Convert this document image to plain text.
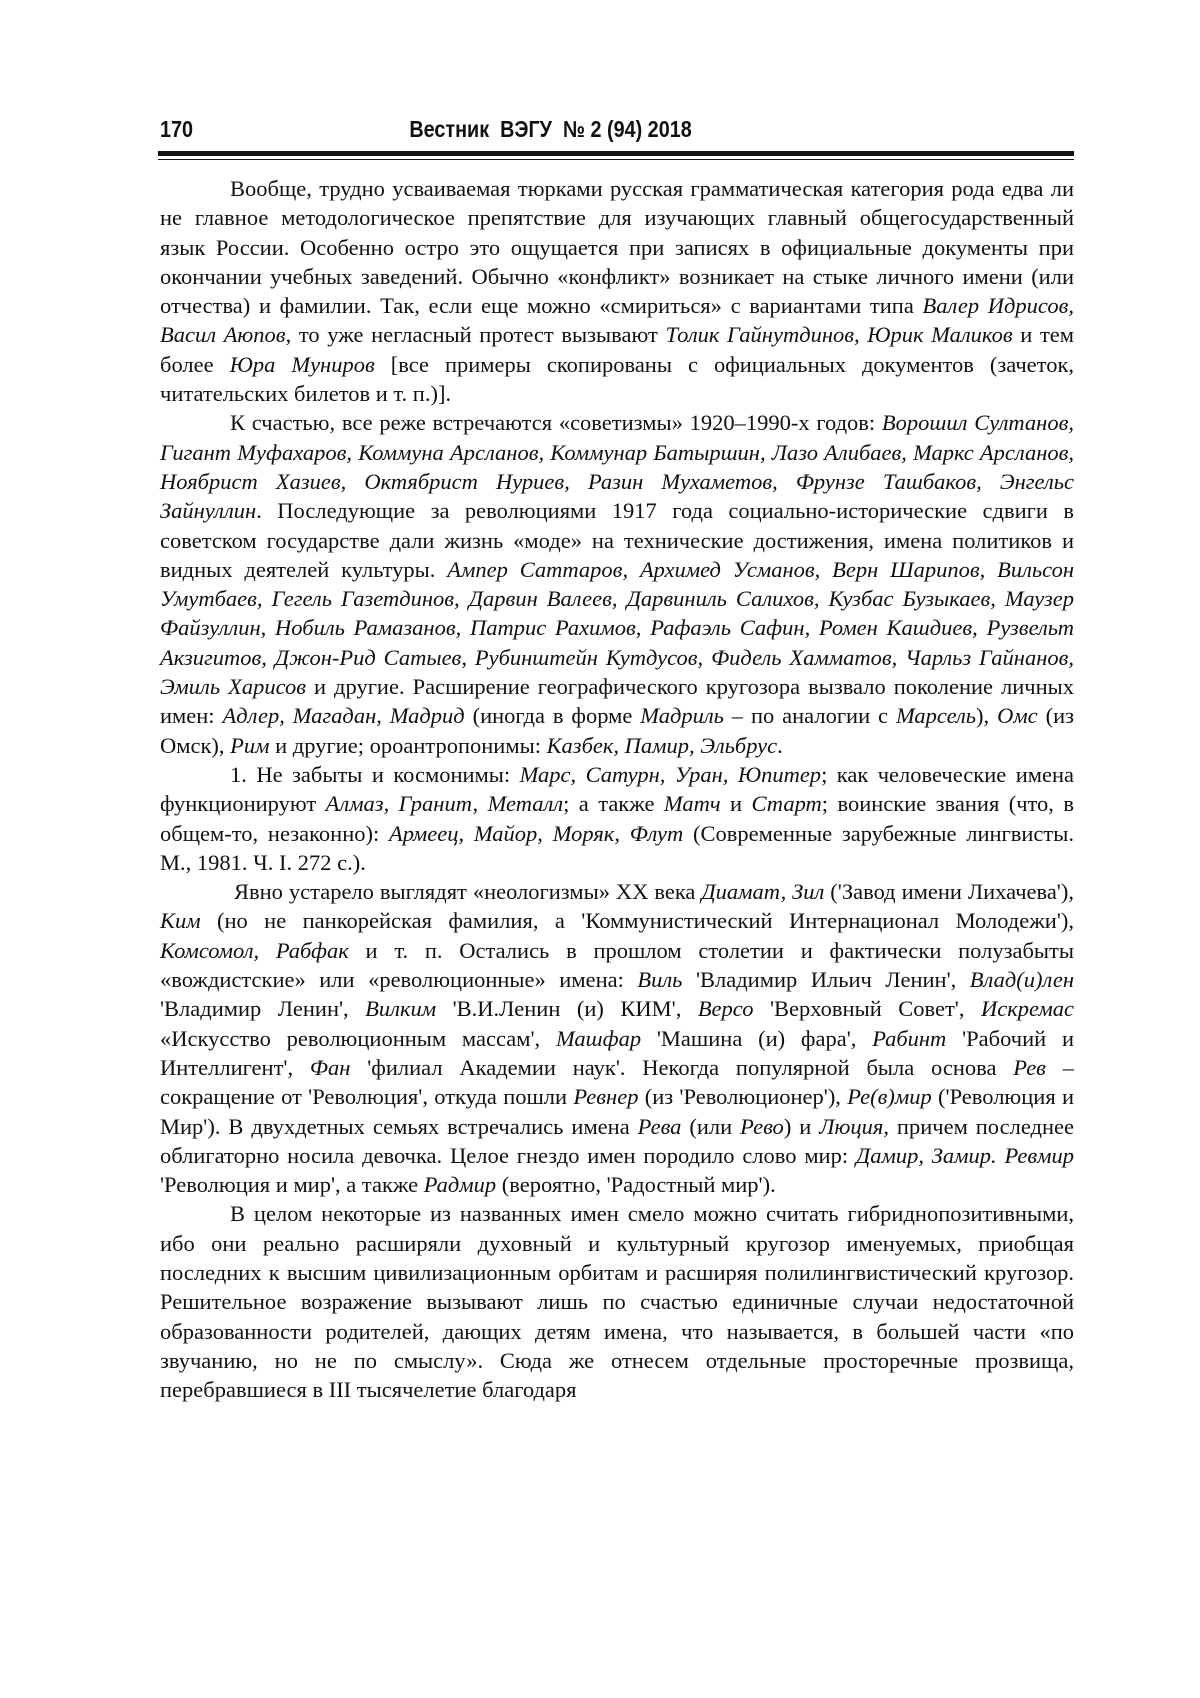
170	Вестник  ВЭГУ  № 2 (94) 2018

Вообще, трудно усваиваемая тюрками русская грамматическая категория рода едва ли не главное методологическое препятствие для изучающих главный общегосударственный язык России. Особенно остро это ощущается при записях в официальные документы при окончании учебных заведений. Обычно «конфликт» возникает на стыке личного имени (или отчества) и фамилии. Так, если еще можно «смириться» с вариантами типа Валер Идрисов, Васил Аюпов, то уже негласный протест вызывают Толик Гайнутдинов, Юрик Маликов и тем более Юра Муниров [все примеры скопированы с официальных документов (зачеток, читательских билетов и т. п.)].

К счастью, все реже встречаются «советизмы» 1920–1990-х годов: Ворошил Султанов, Гигант Муфахаров, Коммуна Арсланов, Коммунар Батыршин, Лазо Алибаев, Маркс Арсланов, Ноябрист Хазиев, Октябрист Нуриев, Разин Мухаметов, Фрунзе Ташбаков, Энгельс Зайнуллин. Последующие за революциями 1917 года социально-исторические сдвиги в советском государстве дали жизнь «моде» на технические достижения, имена политиков и видных деятелей культуры. Ампер Саттаров, Архимед Усманов, Верн Шарипов, Вильсон Умутбаев, Гегель Газетдинов, Дарвин Валеев, Дарвиниль Салихов, Кузбас Бузыкаев, Маузер Файзуллин, Нобиль Рамазанов, Патрис Рахимов, Рафаэль Сафин, Ромен Кашдиев, Рузвельт Акзигитов, Джон-Рид Сатыев, Рубинштейн Кутдусов, Фидель Хамматов, Чарльз Гайнанов, Эмиль Харисов и другие. Расширение географического кругозора вызвало поколение личных имен: Адлер, Магадан, Мадрид (иногда в форме Мадриль – по аналогии с Марсель), Омс (из Омск), Рим и другие; ороантропонимы: Казбек, Памир, Эльбрус.

1. Не забыты и космонимы: Марс, Сатурн, Уран, Юпитер; как человеческие имена функционируют Алмаз, Гранит, Металл; а также Матч и Старт; воинские звания (что, в общем-то, незаконно): Армеец, Майор, Моряк, Флут (Современные зарубежные лингвисты. М., 1981. Ч. I. 272 с.).

Явно устарело выглядят «неологизмы» XX века Диамат, Зил ('Завод имени Лихачева'), Ким (но не панкорейская фамилия, а 'Коммунистический Интернационал Молодежи'), Комсомол, Рабфак и т. п. Остались в прошлом столетии и фактически полузабыты «вождистские» или «революционные» имена: Виль 'Владимир Ильич Ленин', Влад(и)лен 'Владимир Ленин', Вилким 'В.И.Ленин (и) КИМ', Версо 'Верховный Совет', Искремас «Искусство революционным массам', Машфар 'Машина (и) фара', Рабинт 'Рабочий и Интеллигент', Фан 'филиал Академии наук'. Некогда популярной была основа Рев – сокращение от 'Революция', откуда пошли Ревнер (из 'Революционер'), Ре(в)мир ('Революция и Мир'). В двухдетных семьях встречались имена Рева (или Рево) и Люция, причем последнее облигаторно носила девочка. Целое гнездо имен породило слово мир: Дамир, Замир. Ревмир 'Революция и мир', а также Радмир (вероятно, 'Радостный мир').

В целом некоторые из названных имен смело можно считать гибриднопозитивными, ибо они реально расширяли духовный и культурный кругозор именуемых, приобщая последних к высшим цивилизационным орбитам и расширяя полилингвистический кругозор. Решительное возражение вызывают лишь по счастью единичные случаи недостаточной образованности родителей, дающих детям имена, что называется, в большей части «по звучанию, но не по смыслу». Сюда же отнесем отдельные просторечные прозвища, перебравшиеся в III тысячелетие благодаря
